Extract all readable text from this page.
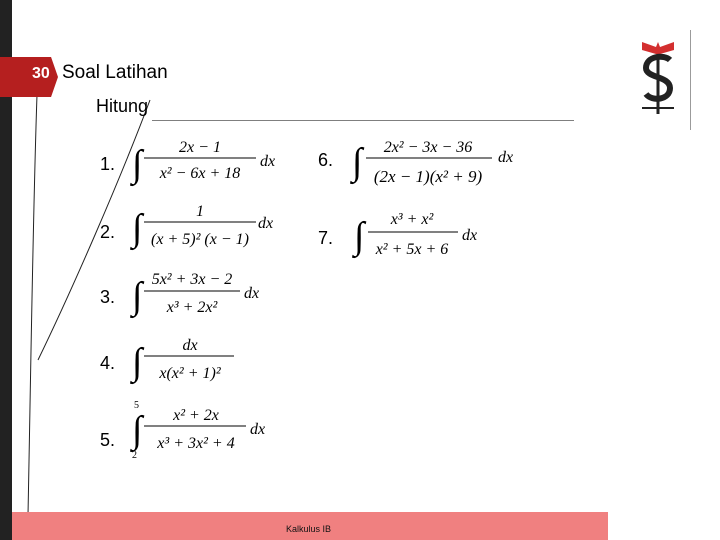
30 Soal Latihan
Hitung
1.
2.
3.
4.
5.
6.
7.
∫ 2x − 1
x² − 6x + 18
dx
∫	1
(x + 5)² (x − 1)
dx
∫ 5x² + 3x − 2
x³ + 2x²
dx
∫	dx
x(x² + 1)²
5
∫
2
x² + 2x
x³ + 3x² + 4
dx
∫ 2x² − 3x − 36
(2x − 1)(x² + 9)
dx
∫ x³ + x²
x² + 5x + 6
dx
Kalkulus IB
